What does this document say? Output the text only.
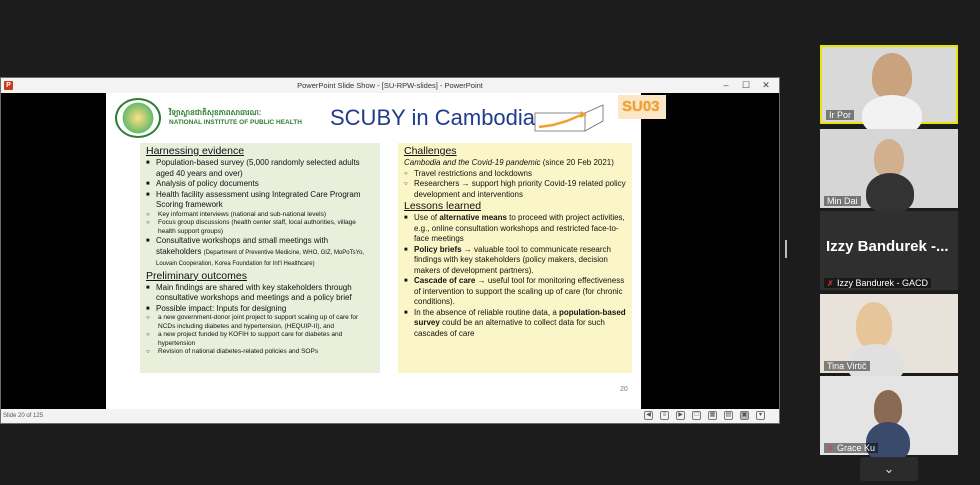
P	PowerPoint Slide Show - [SU-RPW-slides] - PowerPoint	–	☐	✕
វិទ្យាស្ថានជាតិសុខភាពសាធារណៈ
NATIONAL INSTITUTE OF PUBLIC HEALTH SCUBY in Cambodia	SU03
Harnessing evidence
■ Population-based survey (5,000 randomly selected adults aged 40 years and over)
■ Analysis of policy documents
■ Health facility assessment using Integrated Care Program Scoring framework
○ Key informant interviews (national and sub-national levels)
○ Focus group discussions (health center staff, local authorities, village health support groups)
■ Consultative workshops and small meetings with stakeholders (Department of Preventive Medicine, WHO, GIZ, MoPoTsYo, Louvain Cooperation, Korea Foundation for Int'l Healthcare)
Preliminary outcomes
■ Main findings are shared with key stakeholders through consultative workshops and meetings and a policy brief
■ Possible impact: Inputs for designing
○ a new government-donor joint project to support scaling up of care for NCDs including diabetes and hypertension, (HEQUIP-II), and
○ a new project funded by KOFIH to support care for diabetes and hypertension
○ Revision of national diabetes-related policies and SOPs
Challenges
Cambodia and the Covid-19 pandemic (since 20 Feb 2021)
○ Travel restrictions and lockdowns
○ Researchers → support high priority Covid-19 related policy development and interventions
Lessons learned
■ Use of alternative means to proceed with project activities, e.g., online consultation workshops and restricted face-to-face meetings
■ Policy briefs → valuable tool to communicate research findings with key stakeholders (policy makers, decision makers of development partners).
■ Cascade of care → useful tool for monitoring effectiveness of intervention to support the scaling up of care (for chronic conditions).
■ In the absence of reliable routine data, a population-based survey could be an alternative to collect data for such cascades of care
20
Slide 20 of 125	◀	≡	▶	□	▦ ▤ ▣	▾
Ir Por
Min Dai
Izzy Bandurek -...
✗ Izzy Bandurek - GACD
Tina Virtič
✗ Grace Ku
⌄
